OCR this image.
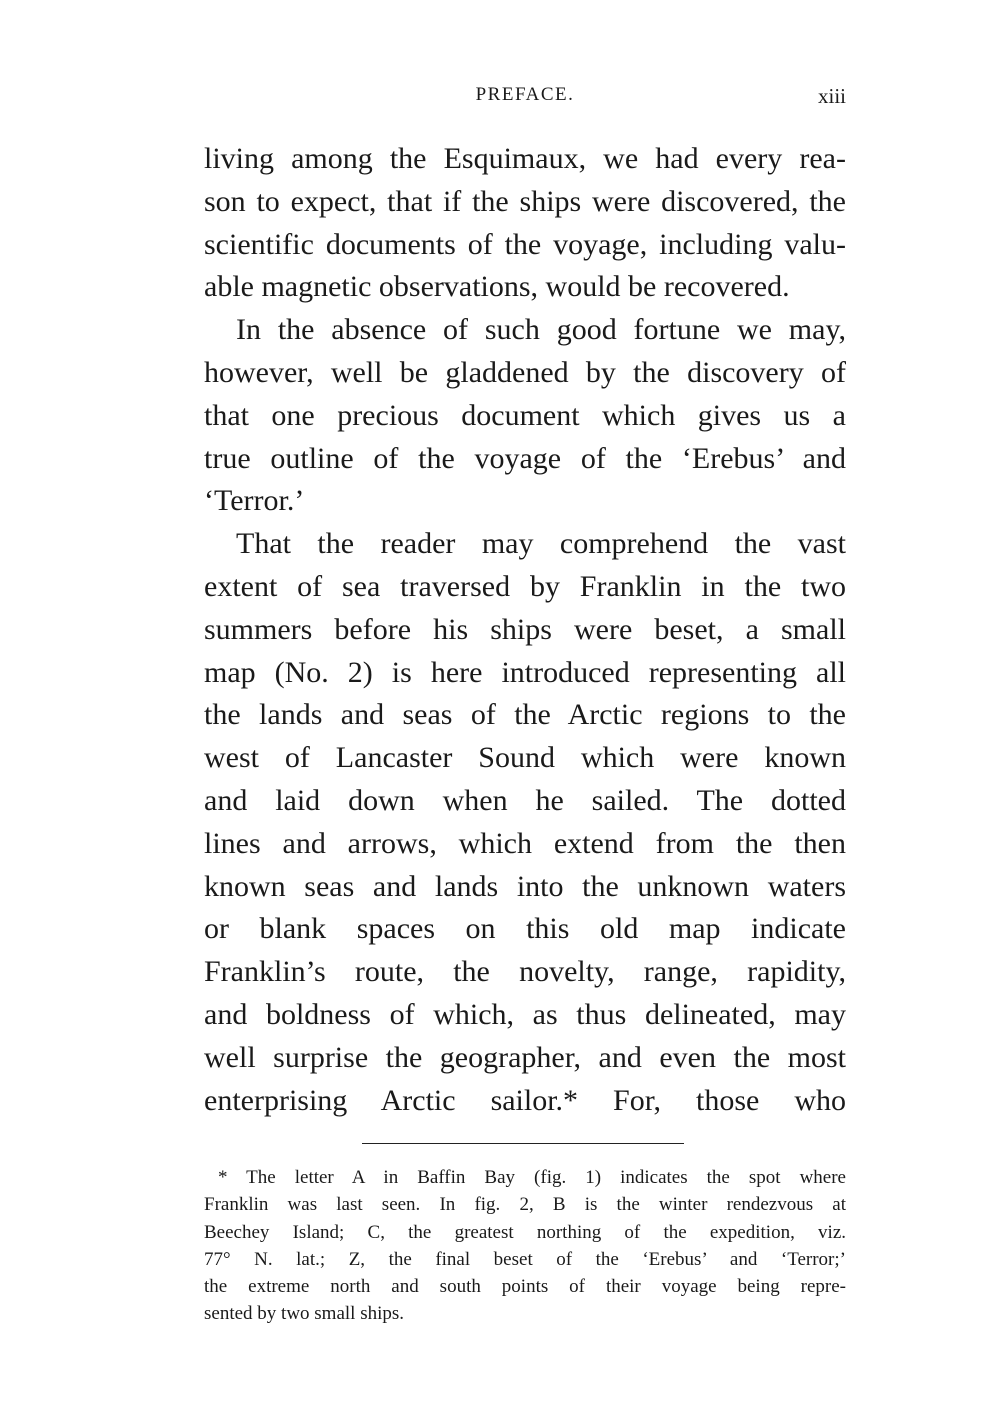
PREFACE.	xiii
living among the Esquimaux, we had every rea-
son to expect, that if the ships were discovered, the
scientific documents of the voyage, including valu-
able magnetic observations, would be recovered.
In the absence of such good fortune we may,
however, well be gladdened by the discovery of
that one precious document which gives us a
true outline of the voyage of the ‘Erebus’ and
‘Terror.’
That the reader may comprehend the vast
extent of sea traversed by Franklin in the two
summers before his ships were beset, a small
map (No. 2) is here introduced representing all
the lands and seas of the Arctic regions to the
west of Lancaster Sound which were known
and laid down when he sailed. The dotted
lines and arrows, which extend from the then
known seas and lands into the unknown waters
or blank spaces on this old map indicate
Franklin’s route, the novelty, range, rapidity,
and boldness of which, as thus delineated, may
well surprise the geographer, and even the most
enterprising Arctic sailor.* For, those who
* The letter A in Baffin Bay (fig. 1) indicates the spot where
Franklin was last seen. In fig. 2, B is the winter rendezvous at
Beechey Island; C, the greatest northing of the expedition, viz.
77° N. lat.; Z, the final beset of the ‘Erebus’ and ‘Terror;’
the extreme north and south points of their voyage being repre-
sented by two small ships.
